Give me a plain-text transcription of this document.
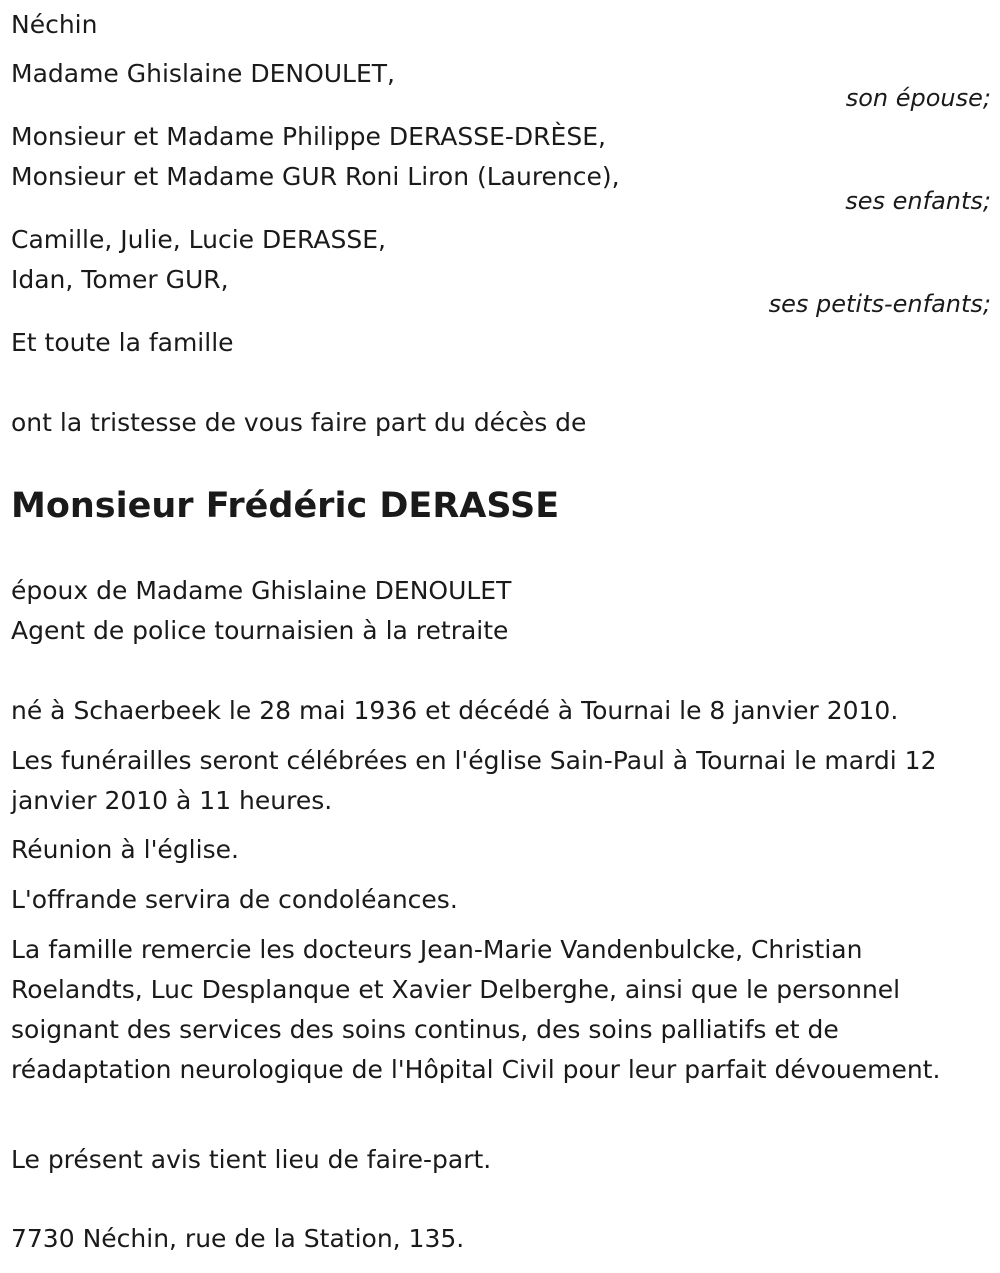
Néchin
Madame Ghislaine DENOULET,
son épouse;
Monsieur et Madame Philippe DERASSE-DRÈSE,
Monsieur et Madame GUR Roni Liron (Laurence),
ses enfants;
Camille, Julie, Lucie DERASSE,
Idan, Tomer GUR,
ses petits-enfants;
Et toute la famille
ont la tristesse de vous faire part du décès de
Monsieur Frédéric DERASSE
époux de Madame Ghislaine DENOULET
Agent de police tournaisien à la retraite
né à Schaerbeek le 28 mai 1936 et décédé à Tournai le 8 janvier 2010.
Les funérailles seront célébrées en l'église Sain-Paul à Tournai le mardi 12 janvier 2010 à 11 heures.
Réunion à l'église.
L'offrande servira de condoléances.
La famille remercie les docteurs Jean-Marie Vandenbulcke, Christian Roelandts, Luc Desplanque et Xavier Delberghe, ainsi que le personnel soignant des services des soins continus, des soins palliatifs et de réadaptation neurologique de l'Hôpital Civil pour leur parfait dévouement.
Le présent avis tient lieu de faire-part.
7730 Néchin, rue de la Station, 135.
